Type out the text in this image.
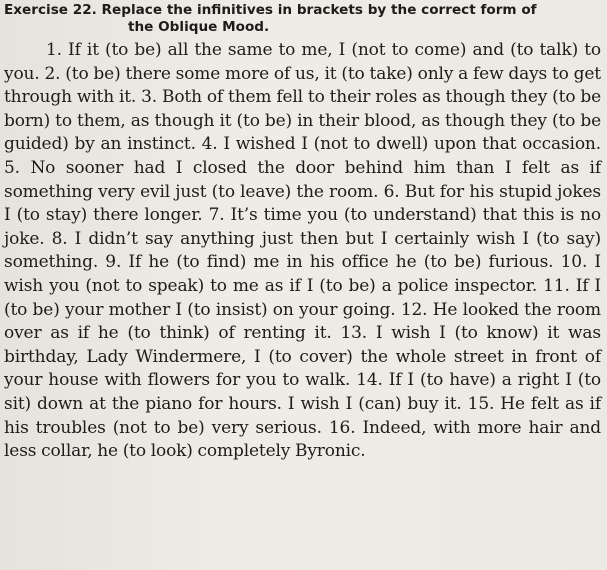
Exercise 22. Replace the infinitives in brackets by the correct form of
the Oblique Mood.

1. If it (to be) all the same to me, I (not to come) and (to talk) to you. 2. (to be) there some more of us, it (to take) only a few days to get through with it. 3. Both of them fell to their roles as though they (to be born) to them, as though it (to be) in their blood, as though they (to be guided) by an instinct. 4. I wished I (not to dwell) upon that occasion. 5. No sooner had I closed the door behind him than I felt as if something very evil just (to leave) the room. 6. But for his stupid jokes I (to stay) there longer. 7. It’s time you (to understand) that this is no joke. 8. I didn’t say anything just then but I certainly wish I (to say) something. 9. If he (to find) me in his office he (to be) furious. 10. I wish you (not to speak) to me as if I (to be) a police inspector. 11. If I (to be) your mother I (to insist) on your going. 12. He looked the room over as if he (to think) of renting it. 13. I wish I (to know) it was birthday, Lady Windermere, I (to cover) the whole street in front of your house with flowers for you to walk. 14. If I (to have) a right I (to sit) down at the piano for hours. I wish I (can) buy it. 15. He felt as if his troubles (not to be) very serious. 16. Indeed, with more hair and less collar, he (to look) completely Byronic.
